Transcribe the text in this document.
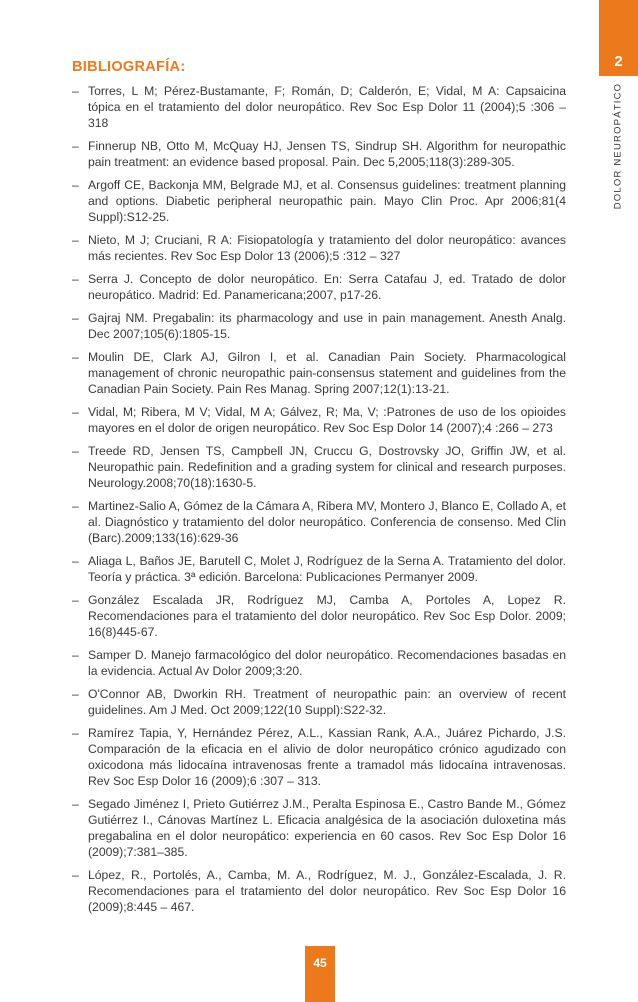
2
DOLOR NEUROPÁTICO
BIBLIOGRAFÍA:
– Torres, L M; Pérez-Bustamante, F; Román, D; Calderón, E; Vidal, M A: Capsaicina tópica en el tratamiento del dolor neuropático. Rev Soc Esp Dolor 11 (2004);5 :306 – 318
– Finnerup NB, Otto M, McQuay HJ, Jensen TS, Sindrup SH. Algorithm for neuropathic pain treatment: an evidence based proposal. Pain. Dec 5,2005;118(3):289-305.
– Argoff CE, Backonja MM, Belgrade MJ, et al. Consensus guidelines: treatment planning and options. Diabetic peripheral neuropathic pain. Mayo Clin Proc. Apr 2006;81(4 Suppl):S12-25.
– Nieto, M J; Cruciani, R A: Fisiopatología y tratamiento del dolor neuropático: avances más recientes. Rev Soc Esp Dolor 13 (2006);5 :312 – 327
– Serra J. Concepto de dolor neuropático. En: Serra Catafau J, ed. Tratado de dolor neuropático. Madrid: Ed. Panamericana;2007, p17-26.
– Gajraj NM. Pregabalin: its pharmacology and use in pain management. Anesth Analg. Dec 2007;105(6):1805-15.
– Moulin DE, Clark AJ, Gilron I, et al. Canadian Pain Society. Pharmacological management of chronic neuropathic pain-consensus statement and guidelines from the Canadian Pain Society. Pain Res Manag. Spring 2007;12(1):13-21.
– Vidal, M; Ribera, M V; Vidal, M A; Gálvez, R; Ma, V; :Patrones de uso de los opioides mayores en el dolor de origen neuropático. Rev Soc Esp Dolor 14 (2007);4 :266 – 273
– Treede RD, Jensen TS, Campbell JN, Cruccu G, Dostrovsky JO, Griffin JW, et al. Neuropathic pain. Redefinition and a grading system for clinical and research purposes. Neurology.2008;70(18):1630-5.
– Martinez-Salio A, Gómez de la Cámara A, Ribera MV, Montero J, Blanco E, Collado A, et al. Diagnóstico y tratamiento del dolor neuropático. Conferencia de consenso. Med Clin (Barc).2009;133(16):629-36
– Aliaga L, Baños JE, Barutell C, Molet J, Rodríguez de la Serna A. Tratamiento del dolor. Teoría y práctica. 3ª edición. Barcelona: Publicaciones Permanyer 2009.
– González Escalada JR, Rodríguez MJ, Camba A, Portoles A, Lopez R. Recomendaciones para el tratamiento del dolor neuropático. Rev Soc Esp Dolor. 2009; 16(8)445-67.
– Samper D. Manejo farmacológico del dolor neuropático. Recomendaciones basadas en la evidencia. Actual Av Dolor 2009;3:20.
– O'Connor AB, Dworkin RH. Treatment of neuropathic pain: an overview of recent guidelines. Am J Med. Oct 2009;122(10 Suppl):S22-32.
– Ramírez Tapia, Y, Hernández Pérez, A.L., Kassian Rank, A.A., Juárez Pichardo, J.S. Comparación de la eficacia en el alivio de dolor neuropático crónico agudizado con oxicodona más lidocaína intravenosas frente a tramadol más lidocaína intravenosas. Rev Soc Esp Dolor 16 (2009);6 :307 – 313.
– Segado Jiménez I, Prieto Gutiérrez J.M., Peralta Espinosa E., Castro Bande M., Gómez Gutiérrez I., Cánovas Martínez L. Eficacia analgésica de la asociación duloxetina más pregabalina en el dolor neuropático: experiencia en 60 casos. Rev Soc Esp Dolor 16 (2009);7:381–385.
– López, R., Portolés, A., Camba, M. A., Rodríguez, M. J., González-Escalada, J. R. Recomendaciones para el tratamiento del dolor neuropático. Rev Soc Esp Dolor 16 (2009);8:445 – 467.
45
